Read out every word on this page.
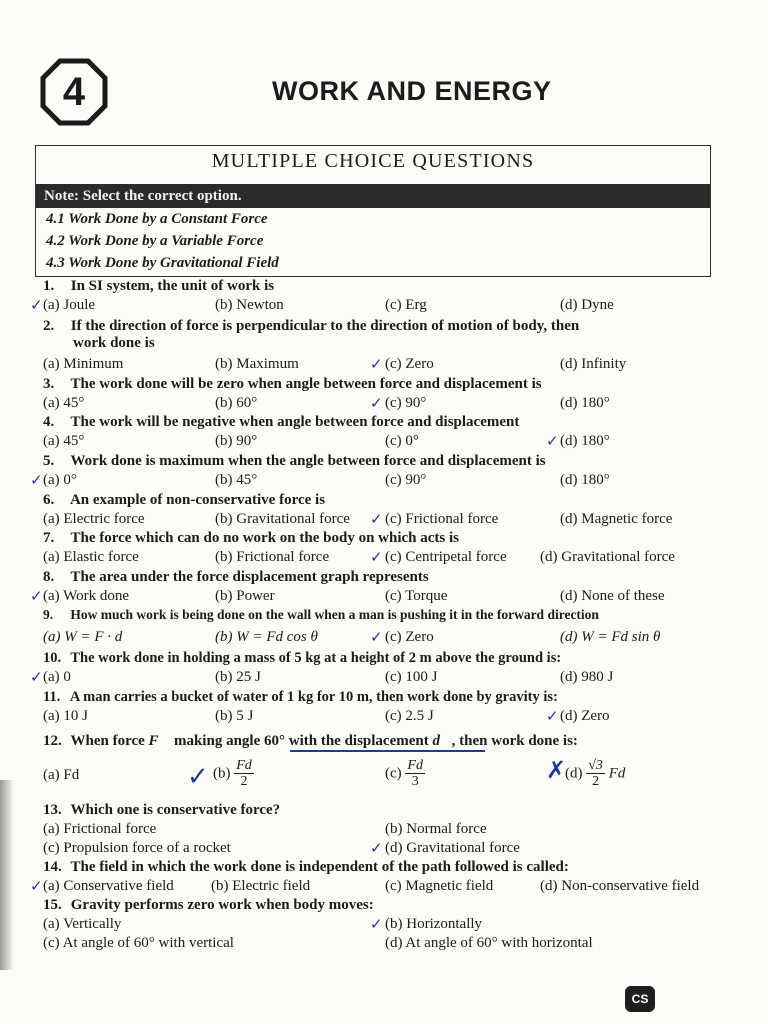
4	WORK AND ENERGY
MULTIPLE CHOICE QUESTIONS
Note: Select the correct option.
4.1 Work Done by a Constant Force
4.2 Work Done by a Variable Force
4.3 Work Done by Gravitational Field
1. In SI system, the unit of work is
(a) Joule	(b) Newton	(c) Erg	(d) Dyne
2. If the direction of force is perpendicular to the direction of motion of body, then
work done is
(a) Minimum	(b) Maximum	(c) Zero	(d) Infinity
3. The work done will be zero when angle between force and displacement is
(a) 45°	(b) 60°	(c) 90°	(d) 180°
4. The work will be negative when angle between force and displacement
(a) 45°	(b) 90°	(c) 0°	(d) 180°
5. Work done is maximum when the angle between force and displacement is
(a) 0°	(b) 45°	(c) 90°	(d) 180°
6. An example of non-conservative force is
(a) Electric force	(b) Gravitational force (c) Frictional force	(d) Magnetic force
7. The force which can do no work on the body on which acts is
(a) Elastic force	(b) Frictional force	(c) Centripetal force (d) Gravitational force
8. The area under the force displacement graph represents
(a) Work done	(b) Power	(c) Torque	(d) None of these
9. How much work is being done on the wall when a man is pushing it in the forward direction
(a) W = F · d	(b) W = Fd cos θ	(c) Zero	(d) W = Fd sin θ
10. The work done in holding a mass of 5 kg at a height of 2 m above the ground is:
(a) 0	(b) 25 J	(c) 100 J	(d) 980 J
11. A man carries a bucket of water of 1 kg for 10 m, then work done by gravity is:
(a) 10 J	(b) 5 J	(c) 2.5 J	(d) Zero
12. When force F⃗ making angle 60° with the displacement d⃗, then work done is:
(a) Fd	$(b) \frac{Fd}{2}$	$(c) \frac{Fd}{3}$	$(d) \frac{√3}{2}$ Fd
13. Which one is conservative force?
(a) Frictional force	(b) Normal force
(c) Propulsion force of a rocket	(d) Gravitational force
14. The field in which the work done is independent of the path followed is called:
(a) Conservative field (b) Electric field	(c) Magnetic field	(d) Non-conservative field
15. Gravity performs zero work when body moves:
(a) Vertically	(b) Horizontally
(c) At angle of 60° with vertical	(d) At angle of 60° with horizontal
✓
✓
✓
✓
✓
✓
✓
✓
✓
✓
✓
✓	✗
✓
✓
✓
CS
